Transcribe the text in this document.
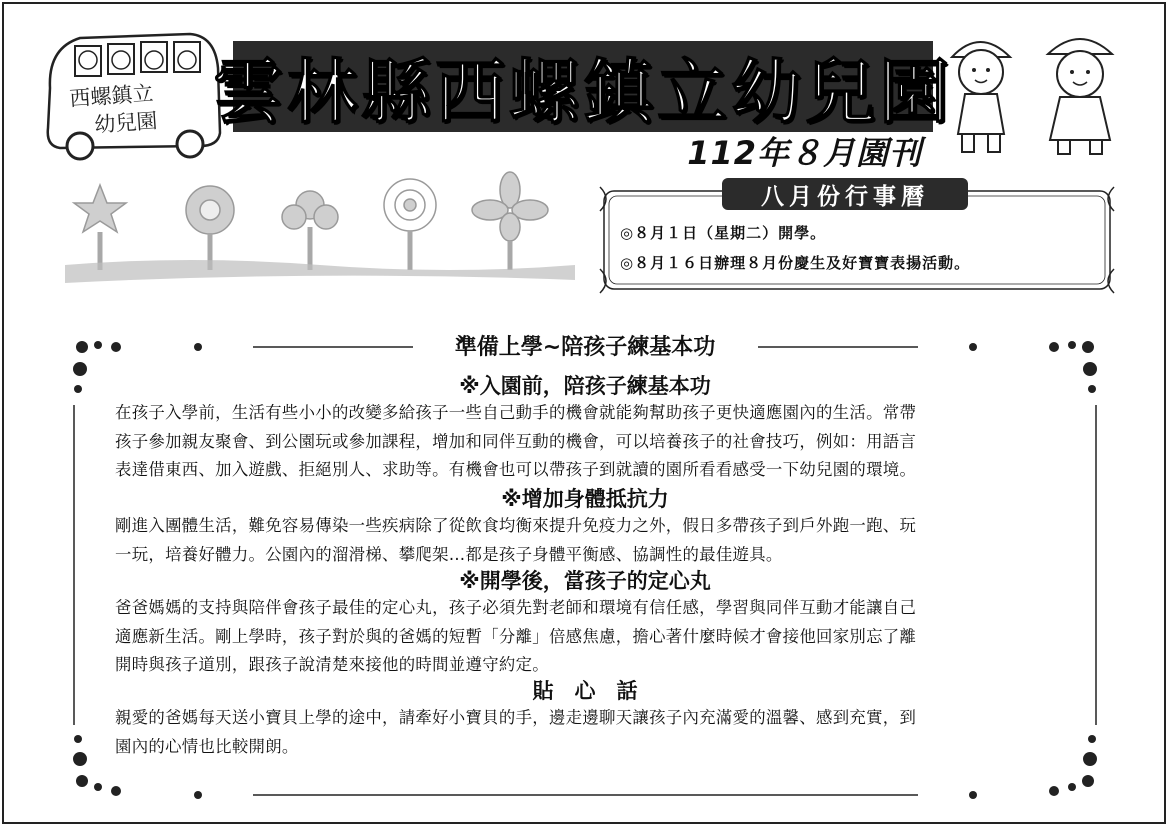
西螺鎮立
幼兒園 雲林縣西螺鎮立幼兒園
112年８月園刊
八月份行事曆
◎８月１日（星期二）開學。
◎８月１６日辦理８月份慶生及好寶寶表揚活動。
準備上學~陪孩子練基本功
※入園前，陪孩子練基本功
在孩子入學前，生活有些小小的改變多給孩子一些自己動手的機會就能夠幫助孩子更快適應園內的生活。常帶
孩子參加親友聚會、到公園玩或參加課程，增加和同伴互動的機會，可以培養孩子的社會技巧，例如：用語言
表達借東西、加入遊戲、拒絕別人、求助等。有機會也可以帶孩子到就讀的園所看看感受一下幼兒園的環境。
※增加身體抵抗力
剛進入團體生活，難免容易傳染一些疾病除了從飲食均衡來提升免疫力之外，假日多帶孩子到戶外跑一跑、玩
一玩，培養好體力。公園內的溜滑梯、攀爬架…都是孩子身體平衡感、協調性的最佳遊具。
※開學後，當孩子的定心丸
爸爸媽媽的支持與陪伴會孩子最佳的定心丸，孩子必須先對老師和環境有信任感，學習與同伴互動才能讓自己
適應新生活。剛上學時，孩子對於與的爸媽的短暫「分離」倍感焦慮，擔心著什麼時候才會接他回家別忘了離
開時與孩子道別，跟孩子說清楚來接他的時間並遵守約定。
貼　心　話
親愛的爸媽每天送小寶貝上學的途中，請牽好小寶貝的手，邊走邊聊天讓孩子內充滿愛的溫馨、感到充實，到
園內的心情也比較開朗。
